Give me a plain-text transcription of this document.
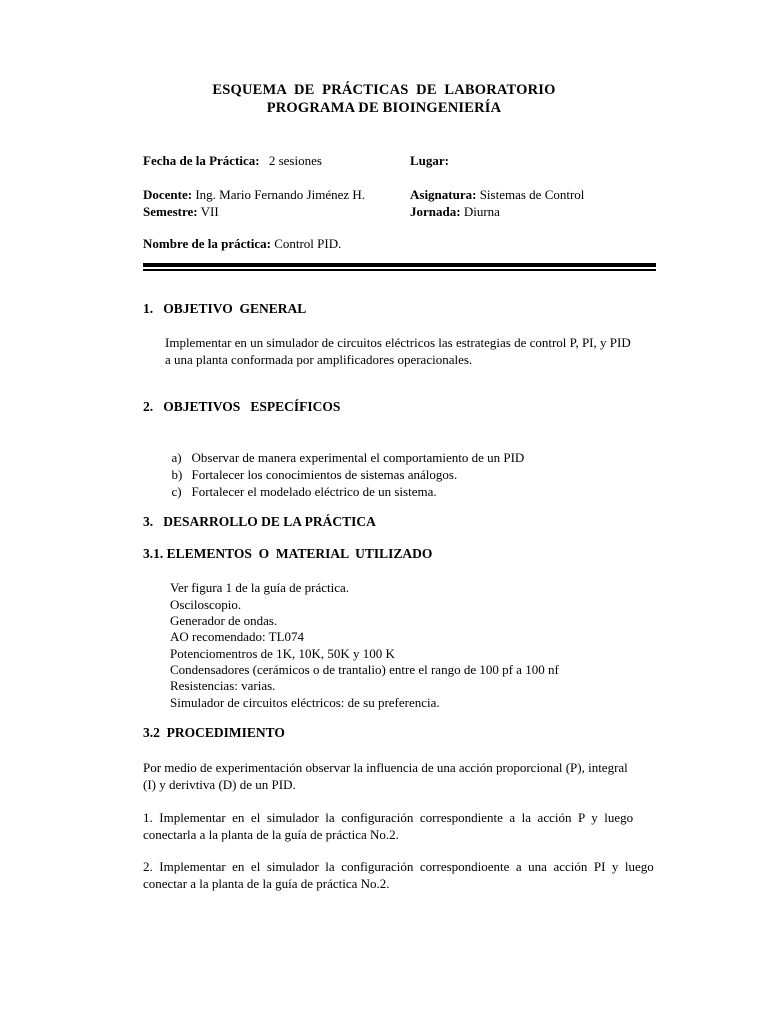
ESQUEMA  DE  PRÁCTICAS  DE  LABORATORIO
PROGRAMA DE BIOINGENIERÍA
Fecha de la Práctica: 2 sesiones	Lugar:
Docente: Ing. Mario Fernando Jiménez H.	Asignatura: Sistemas de Control
Semestre: VII	Jornada: Diurna
Nombre de la práctica: Control PID.
1.   OBJETIVO  GENERAL
Implementar en un simulador de circuitos eléctricos las estrategias de control P, PI, y PID
a una planta conformada por amplificadores operacionales.
2.   OBJETIVOS   ESPECÍFICOS

a) Observar de manera experimental el comportamiento de un PID

b) Fortalecer los conocimientos de sistemas análogos.

c) Fortalecer el modelado eléctrico de un sistema.

3.   DESARROLLO DE LA PRÁCTICA
3.1. ELEMENTOS  O  MATERIAL  UTILIZADO
Ver figura 1 de la guía de práctica.
Osciloscopio.
Generador de ondas.
AO recomendado: TL074
Potenciomentros de 1K, 10K, 50K y 100 K
Condensadores (cerámicos o de trantalio) entre el rango de 100 pf a 100 nf
Resistencias: varias.
Simulador de circuitos eléctricos: de su preferencia.
3.2  PROCEDIMIENTO
Por medio de experimentación observar la influencia de una acción proporcional (P), integral
(I) y derivtiva (D) de un PID.
1.  Implementar  en  el  simulador  la  configuración  correspondiente  a  la  acción  P  y  luego
conectarla a la planta de la guía de práctica No.2.
2.  Implementar  en  el  simulador  la  configuración  correspondioente  a  una  acción  PI  y  luego
conectar a la planta de la guía de práctica No.2.
